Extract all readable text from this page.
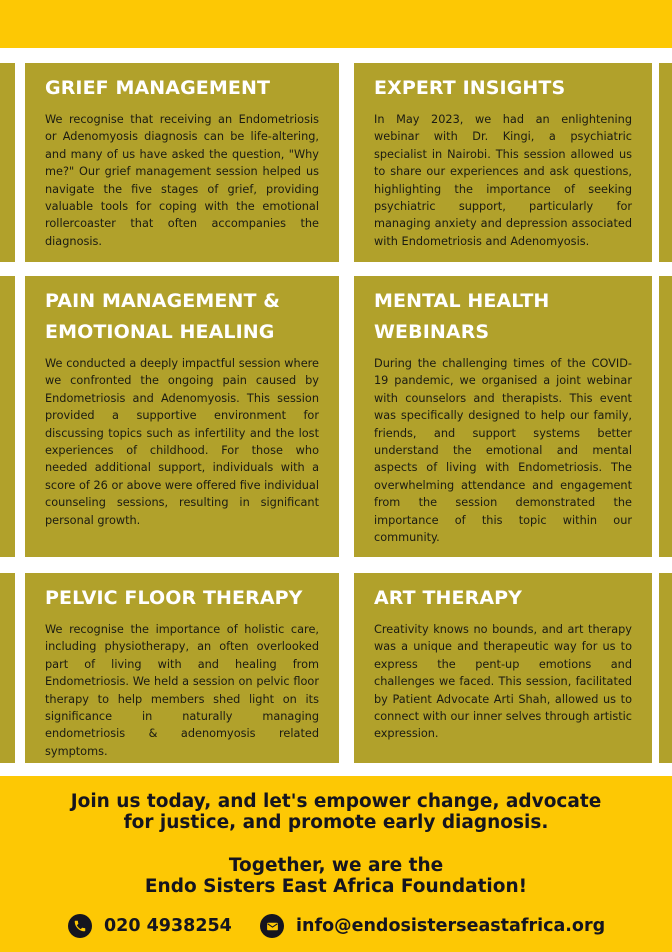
GRIEF MANAGEMENT

We recognise that receiving an Endometriosis or Adenomyosis diagnosis can be life-altering, and many of us have asked the question, "Why me?" Our grief management session helped us navigate the five stages of grief, providing valuable tools for coping with the emotional rollercoaster that often accompanies the diagnosis.

EXPERT INSIGHTS

In May 2023, we had an enlightening webinar with Dr. Kingi, a psychiatric specialist in Nairobi. This session allowed us to share our experiences and ask questions, highlighting the importance of seeking psychiatric support, particularly for managing anxiety and depression associated with Endometriosis and Adenomyosis.

PAIN MANAGEMENT &
EMOTIONAL HEALING

We conducted a deeply impactful session where we confronted the ongoing pain caused by Endometriosis and Adenomyosis. This session provided a supportive environment for discussing topics such as infertility and the lost experiences of childhood. For those who needed additional support, individuals with a score of 26 or above were offered five individual counseling sessions, resulting in significant personal growth.

MENTAL HEALTH
WEBINARS

During the challenging times of the COVID-19 pandemic, we organised a joint webinar with counselors and therapists. This event was specifically designed to help our family, friends, and support systems better understand the emotional and mental aspects of living with Endometriosis. The overwhelming attendance and engagement from the session demonstrated the importance of this topic within our community.

PELVIC FLOOR THERAPY

We recognise the importance of holistic care, including physiotherapy, an often overlooked part of living with and healing from Endometriosis. We held a session on pelvic floor therapy to help members shed light on its significance in naturally managing endometriosis & adenomyosis related symptoms.

ART THERAPY

Creativity knows no bounds, and art therapy was a unique and therapeutic way for us to express the pent-up emotions and challenges we faced. This session, facilitated by Patient Advocate Arti Shah, allowed us to connect with our inner selves through artistic expression.

Join us today, and let's empower change, advocate

for justice, and promote early diagnosis.

Together, we are the

Endo Sisters East Africa Foundation!

020 4938254	info@endosisterseastafrica.org
